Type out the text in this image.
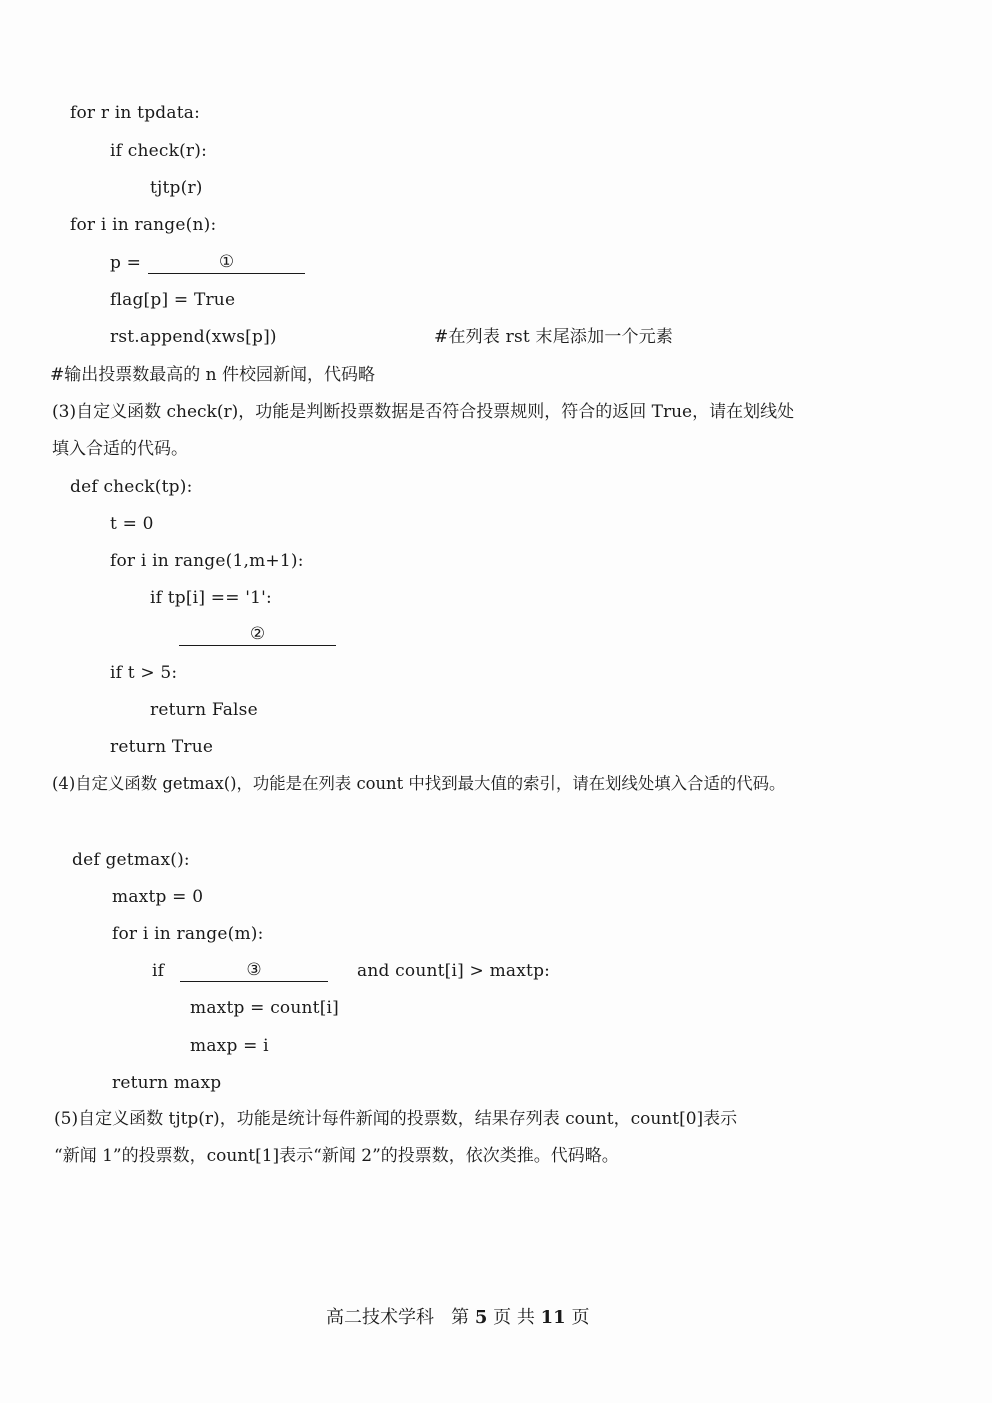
for r in tpdata:
if check(r):
tjtp(r)
for i in range(n):
p =	①
flag[p] = True
rst.append(xws[p])	#在列表 rst 末尾添加一个元素
#输出投票数最高的 n 件校园新闻，代码略
(3)自定义函数 check(r)，功能是判断投票数据是否符合投票规则，符合的返回 True，请在划线处
填入合适的代码。
def check(tp):
t = 0
for i in range(1,m+1):
if tp[i] == '1':
②
if t > 5:
return False
return True
(4)自定义函数 getmax()，功能是在列表 count 中找到最大值的索引，请在划线处填入合适的代码。
def getmax():
maxtp = 0
for i in range(m):
if	③	and count[i] > maxtp:
maxtp = count[i]
maxp = i
return maxp
(5)自定义函数 tjtp(r)，功能是统计每件新闻的投票数，结果存列表 count，count[0]表示
“新闻 1”的投票数，count[1]表示“新闻 2”的投票数，依次类推。代码略。
高二技术学科 第 5 页 共 11 页
